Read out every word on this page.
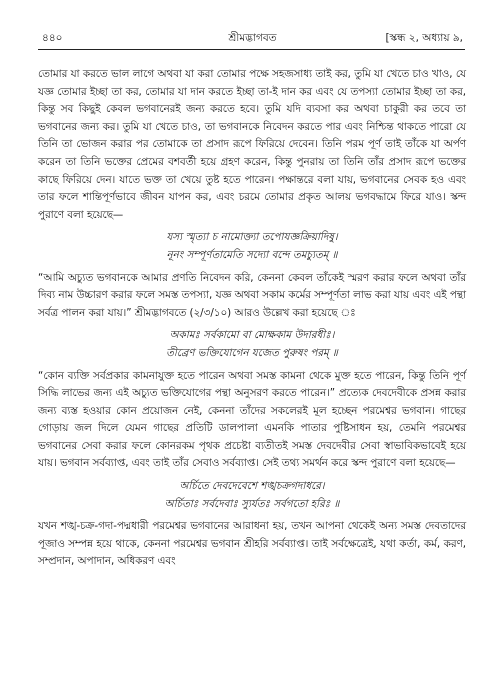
৪৪০	শ্রীমদ্ভাগবত	[স্কন্ধ ২, অধ্যায় ৯,

তোমার যা করতে ভাল লাগে অথবা যা করা তোমার পক্ষে সহজসাধ্য তাই কর, তুমি যা খেতে চাও খাও, যে যজ্ঞ তোমার ইচ্ছা তা কর, তোমার যা দান করতে ইচ্ছা তা-ই দান কর এবং যে তপস্যা তোমার ইচ্ছা তা কর, কিন্তু সব কিছুই কেবল ভগবানেরই জন্য করতে হবে। তুমি যদি ব্যবসা কর অথবা চাকুরী কর তবে তা ভগবানের জন্য কর। তুমি যা খেতে চাও, তা ভগবানকে নিবেদন করতে পার এবং নিশ্চিন্ত থাকতে পারো যে তিনি তা ভোজন করার পর তোমাকে তা প্রসাদ রূপে ফিরিয়ে দেবেন। তিনি পরম পূর্ণ তাই তাঁকে যা অর্পণ করেন তা তিনি ভক্তের প্রেমের বশবর্তী হয়ে গ্রহণ করেন, কিন্তু পুনরায় তা তিনি তাঁর প্রসাদ রূপে ভক্তের কাছে ফিরিয়ে দেন। যাতে ভক্ত তা খেয়ে তুষ্ট হতে পারেন। পক্ষান্তরে বলা যায়, ভগবানের সেবক হও এবং তার ফলে শান্তিপূর্ণভাবে জীবন যাপন কর, এবং চরমে তোমার প্রকৃত আলয় ভগবদ্ধামে ফিরে যাও। স্কন্দ পুরাণে বলা হয়েছে—

যস্য স্মৃত্যা চ নামোক্ত্যা তপোযজ্ঞক্রিয়াদিষু।
নূনং সম্পূর্ণতামেতি সদ্যো বন্দে তমচ্যুতম্ ॥

“আমি অচ্যুত ভগবানকে আমার প্রণতি নিবেদন করি, কেননা কেবল তাঁকেই স্মরণ করার ফলে অথবা তাঁর দিব্য নাম উচ্চারণ করার ফলে সমস্ত তপস্যা, যজ্ঞ অথবা সকাম কর্মের সম্পূর্ণতা লাভ করা যায় এবং এই পন্থা সর্বত্র পালন করা যায়।” শ্রীমদ্ভাগবতে (২/৩/১০) আরও উল্লেখ করা হয়েছে ঃ

অকামঃ সর্বকামো বা মোক্ষকাম উদারধীঃ।
তীব্রেণ ভক্তিযোগেন যজেত পুরুষং পরম্ ॥

“কোন ব্যক্তি সর্বপ্রকার কামনাযুক্ত হতে পারেন অথবা সমস্ত কামনা থেকে মুক্ত হতে পারেন, কিন্তু তিনি পূর্ণ সিদ্ধি লাভের জন্য এই অচ্যুত ভক্তিযোগের পন্থা অনুসরণ করতে পারেন।” প্রত্যেক দেবদেবীকে প্রসন্ন করার জন্য ব্যস্ত হওয়ার কোন প্রয়োজন নেই, কেননা তাঁদের সকলেরই মূল হচ্ছেন পরমেশ্বর ভগবান। গাছের গোড়ায় জল দিলে যেমন গাছের প্রতিটি ডালপালা এমনকি পাতার পুষ্টিসাধন হয়, তেমনি পরমেশ্বর ভগবানের সেবা করার ফলে কোনরকম পৃথক প্রচেষ্টা ব্যতীতই সমস্ত দেবদেবীর সেবা স্বাভাবিকভাবেই হয়ে যায়। ভগবান সর্বব্যাপ্ত, এবং তাই তাঁর সেবাও সর্বব্যাপ্ত। সেই তথ্য সমর্থন করে স্কন্দ পুরাণে বলা হয়েছে—

অর্চিতে দেবদেবেশে শঙ্খচক্রগদাধরে।
অর্চিতাঃ সর্বদেবাঃ স্যুর্যতঃ সর্বগতো হরিঃ ॥

যখন শঙ্খ-চক্র-গদা-পদ্মধারী পরমেশ্বর ভগবানের আরাধনা হয়, তখন আপনা থেকেই অন্য সমস্ত দেবতাদের পূজাও সম্পন্ন হয়ে থাকে, কেননা পরমেশ্বর ভগবান শ্রীহরি সর্বব্যাপ্ত। তাই সর্বক্ষেত্রেই, যথা কর্তা, কর্ম, করণ, সম্প্রদান, অপাদান, অধিকরণ এবং
